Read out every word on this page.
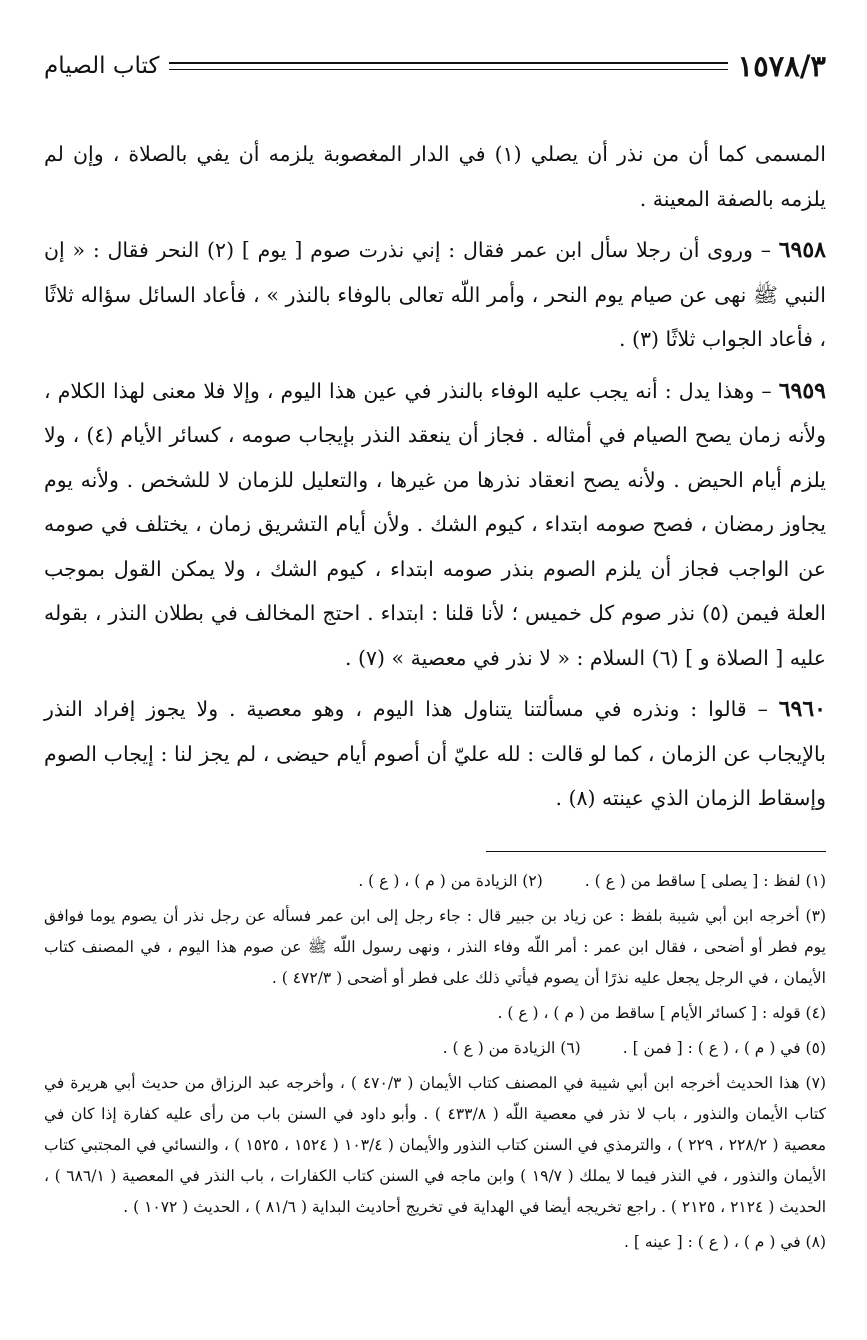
١٥٧٨/٣
كتاب الصيام

المسمى كما أن من نذر أن يصلي (١) في الدار المغصوبة يلزمه أن يفي بالصلاة ، وإن لم يلزمه بالصفة المعينة .

٦٩٥٨ – وروى أن رجلا سأل ابن عمر فقال : إني نذرت صوم [ يوم ] (٢) النحر فقال : « إن النبي ﷺ نهى عن صيام يوم النحر ، وأمر اللّه تعالى بالوفاء بالنذر » ، فأعاد السائل سؤاله ثلاثًا ، فأعاد الجواب ثلاثًا (٣) .

٦٩٥٩ – وهذا يدل : أنه يجب عليه الوفاء بالنذر في عين هذا اليوم ، وإلا فلا معنى لهذا الكلام ، ولأنه زمان يصح الصيام في أمثاله . فجاز أن ينعقد النذر بإيجاب صومه ، كسائر الأيام (٤) ، ولا يلزم أيام الحيض . ولأنه يصح انعقاد نذرها من غيرها ، والتعليل للزمان لا للشخص . ولأنه يوم يجاوز رمضان ، فصح صومه ابتداء ، كيوم الشك . ولأن أيام التشريق زمان ، يختلف في صومه عن الواجب فجاز أن يلزم الصوم بنذر صومه ابتداء ، كيوم الشك ، ولا يمكن القول بموجب العلة فيمن (٥) نذر صوم كل خميس ؛ لأنا قلنا : ابتداء . احتج المخالف في بطلان النذر ، بقوله عليه [ الصلاة و ] (٦) السلام : « لا نذر في معصية » (٧) .

٦٩٦٠ – قالوا : ونذره في مسألتنا يتناول هذا اليوم ، وهو معصية . ولا يجوز إفراد النذر بالإيجاب عن الزمان ، كما لو قالت : لله عليّ أن أصوم أيام حيضى ، لم يجز لنا : إيجاب الصوم وإسقاط الزمان الذي عينته (٨) .

(١) لفظ : [ يصلى ] ساقط من ( ع ) .
(٢) الزيادة من ( م ) ، ( ع ) .

(٣) أخرجه ابن أبي شيبة بلفظ : عن زياد بن جبير قال : جاء رجل إلى ابن عمر فسأله عن رجل نذر أن يصوم يوما فوافق يوم فطر أو أضحى ، فقال ابن عمر : أمر اللّه وفاء النذر ، ونهى رسول اللّه ﷺ عن صوم هذا اليوم ، في المصنف كتاب الأيمان ، في الرجل يجعل عليه نذرًا أن يصوم فيأتي ذلك على فطر أو أضحى ( ٤٧٢/٣ ) .

(٤) قوله : [ كسائر الأيام ] ساقط من ( م ) ، ( ع ) .

(٥) في ( م ) ، ( ع ) : [ فمن ] .
(٦) الزيادة من ( ع ) .

(٧) هذا الحديث أخرجه ابن أبي شيبة في المصنف كتاب الأيمان ( ٤٧٠/٣ ) ، وأخرجه عبد الرزاق من حديث أبي هريرة في كتاب الأيمان والنذور ، باب لا نذر في معصية اللّه ( ٤٣٣/٨ ) . وأبو داود في السنن باب من رأى عليه كفارة إذا كان في معصية ( ٢٢٨/٢ ، ٢٢٩ ) ، والترمذي في السنن كتاب النذور والأيمان ( ١٠٣/٤ ( ١٥٢٤ ، ١٥٢٥ ) ، والنسائي في المجتبي كتاب الأيمان والنذور ، في النذر فيما لا يملك ( ١٩/٧ ) وابن ماجه في السنن كتاب الكفارات ، باب النذر في المعصية ( ٦٨٦/١ ) ، الحديث ( ٢١٢٤ ، ٢١٢٥ ) . راجع تخريجه أيضا في الهداية في تخريج أحاديث البداية ( ٨١/٦ ) ، الحديث ( ١٠٧٢ ) .

(٨) في ( م ) ، ( ع ) : [ عينه ] .
